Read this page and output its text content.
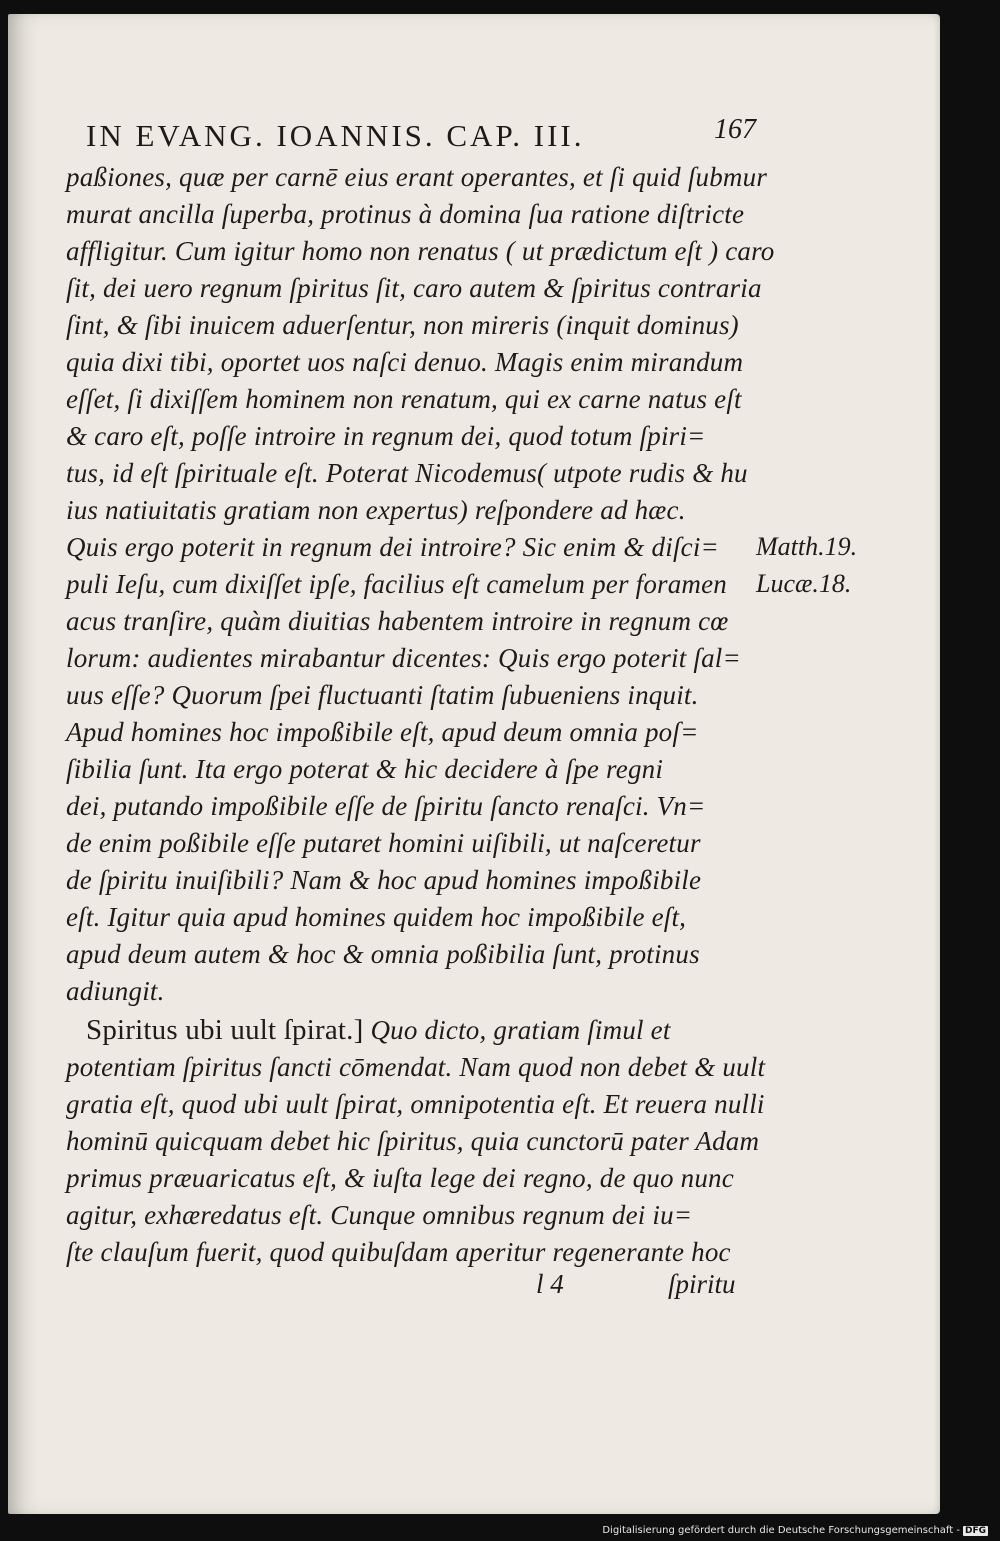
IN EVANG. IOANNIS. CAP. III.	167
paßiones, quæ per carnē eius erant operantes, et ſi quid ſubmur
murat ancilla ſuperba, protinus à domina ſua ratione diſtricte
affligitur. Cum igitur homo non renatus ( ut prædictum eſt ) caro
ſit, dei uero regnum ſpiritus ſit, caro autem & ſpiritus contraria
ſint, & ſibi inuicem aduerſentur, non mireris (inquit dominus)
quia dixi tibi, oportet uos naſci denuo. Magis enim mirandum
eſſet, ſi dixiſſem hominem non renatum, qui ex carne natus eſt
& caro eſt, poſſe introire in regnum dei, quod totum ſpiri=
tus, id eſt ſpirituale eſt. Poterat Nicodemus( utpote rudis & hu
ius natiuitatis gratiam non expertus) reſpondere ad hæc.
Quis ergo poterit in regnum dei introire? Sic enim & diſci=
puli Ieſu, cum dixiſſet ipſe, facilius eſt camelum per foramen
acus tranſire, quàm diuitias habentem introire in regnum cœ
lorum: audientes mirabantur dicentes: Quis ergo poterit ſal=
uus eſſe? Quorum ſpei fluctuanti ſtatim ſubueniens inquit.
Apud homines hoc impoßibile eſt, apud deum omnia poſ=
ſibilia ſunt. Ita ergo poterat & hic decidere à ſpe regni
dei, putando impoßibile eſſe de ſpiritu ſancto renaſci. Vn=
de enim poßibile eſſe putaret homini uiſibili, ut naſceretur
de ſpiritu inuiſibili? Nam & hoc apud homines impoßibile
eſt. Igitur quia apud homines quidem hoc impoßibile eſt,
apud deum autem & hoc & omnia poßibilia ſunt, protinus
adiungit.
Spiritus ubi uult ſpirat.] Quo dicto, gratiam ſimul et
potentiam ſpiritus ſancti cōmendat. Nam quod non debet & uult
gratia eſt, quod ubi uult ſpirat, omnipotentia eſt. Et reuera nulli
hominū quicquam debet hic ſpiritus, quia cunctorū pater Adam
primus præuaricatus eſt, & iuſta lege dei regno, de quo nunc
agitur, exhæredatus eſt. Cunque omnibus regnum dei iu=
ſte clauſum fuerit, quod quibuſdam aperitur regenerante hoc
Matth.19.
Lucæ.18.
l 4	ſpiritu
Digitalisierung gefördert durch die Deutsche Forschungsgemeinschaft - DFG
